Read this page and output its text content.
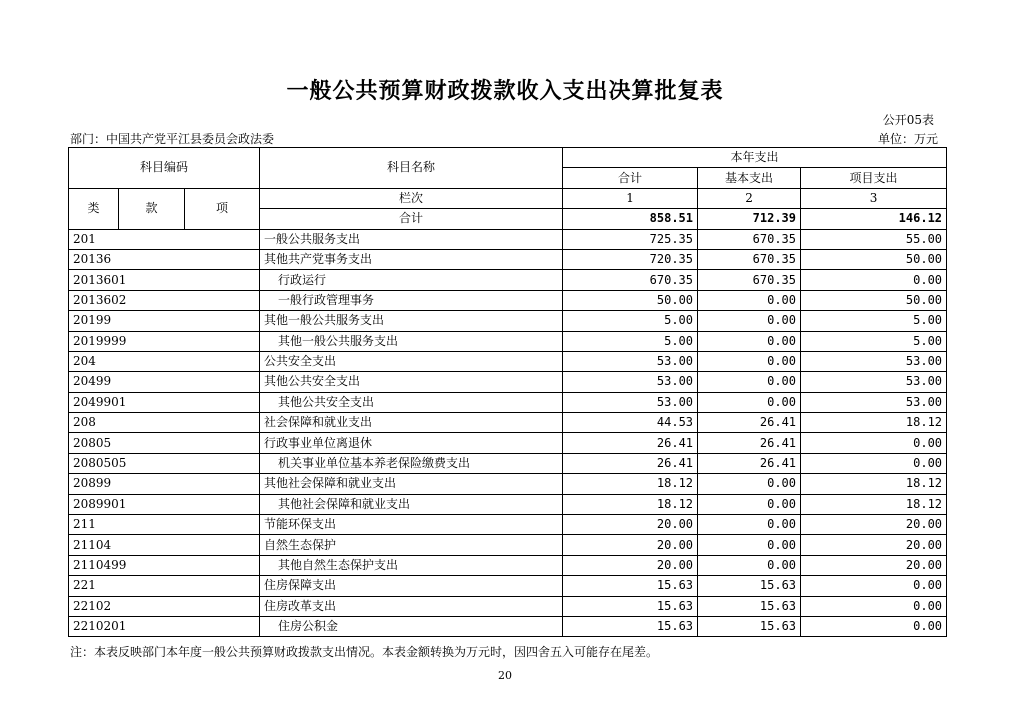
一般公共预算财政拨款收入支出决算批复表
公开05表
部门：中国共产党平江县委员会政法委	单位：万元
科目编码			科目名称	本年支出		
				合计	基本支出	项目支出
类	款	项	栏次	1	2	3
			合计	858.51	712.39	146.12
201			一般公共服务支出	725.35	670.35	55.00
20136			其他共产党事务支出	720.35	670.35	50.00
2013601			行政运行	670.35	670.35	0.00
2013602			一般行政管理事务	50.00	0.00	50.00
20199			其他一般公共服务支出	5.00	0.00	5.00
2019999			其他一般公共服务支出	5.00	0.00	5.00
204			公共安全支出	53.00	0.00	53.00
20499			其他公共安全支出	53.00	0.00	53.00
2049901			其他公共安全支出	53.00	0.00	53.00
208			社会保障和就业支出	44.53	26.41	18.12
20805			行政事业单位离退休	26.41	26.41	0.00
2080505			机关事业单位基本养老保险缴费支出	26.41	26.41	0.00
20899			其他社会保障和就业支出	18.12	0.00	18.12
2089901			其他社会保障和就业支出	18.12	0.00	18.12
211			节能环保支出	20.00	0.00	20.00
21104			自然生态保护	20.00	0.00	20.00
2110499			其他自然生态保护支出	20.00	0.00	20.00
221			住房保障支出	15.63	15.63	0.00
22102			住房改革支出	15.63	15.63	0.00
2210201			住房公积金	15.63	15.63	0.00
注：本表反映部门本年度一般公共预算财政拨款支出情况。本表金额转换为万元时，因四舍五入可能存在尾差。
20
